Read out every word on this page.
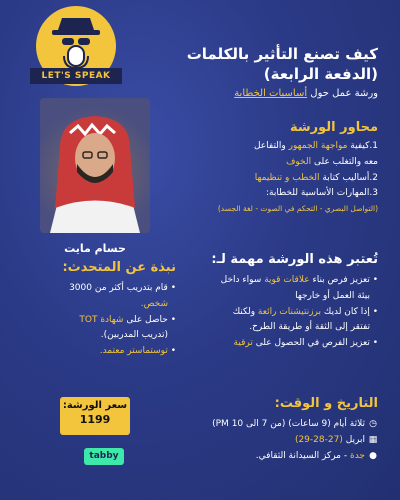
LET'S SPEAK
كيف تصنع التأثير بالكلمات
(الدفعة الرابعة)
ورشة عمل حول أساسيات الخطابة
محاور الورشة
1.كيفية مواجهة الجمهور والتفاعل
معه والتغلب على الخوف
2.أساليب كتابة الخطب و تنظيمها
3.المهارات الأساسية للخطابة:
(التواصل البصري - التحكم في الصوت - لغة الجسد)
حسام مايت
نبذة عن المتحدث:
• قام بتدريب أكثر من 3000
شخص.
• حاصل على شهادة TOT
(تدريب المدربين).
• توستماستر معتمد.
تُعتبر هذه الورشة مهمة لـ:
• تعزيز فرص بناء علاقات قوية سواء داخل
بيئة العمل أو خارجها
• إذا كان لديك برزنتيشنات رائعة ولكنك
تفتقر إلى الثقة أو طريقة الطرح.
• تعزيز الفرص في الحصول على ترقية
سعر الورشة:
1199
tabby
التاريخ و الوقت:
◷ثلاثة أيام (9 ساعات) (من 7 الى 10 PM)
▦ابريل (27-28-29)
●جدة - مركز السيدانة الثقافي.
